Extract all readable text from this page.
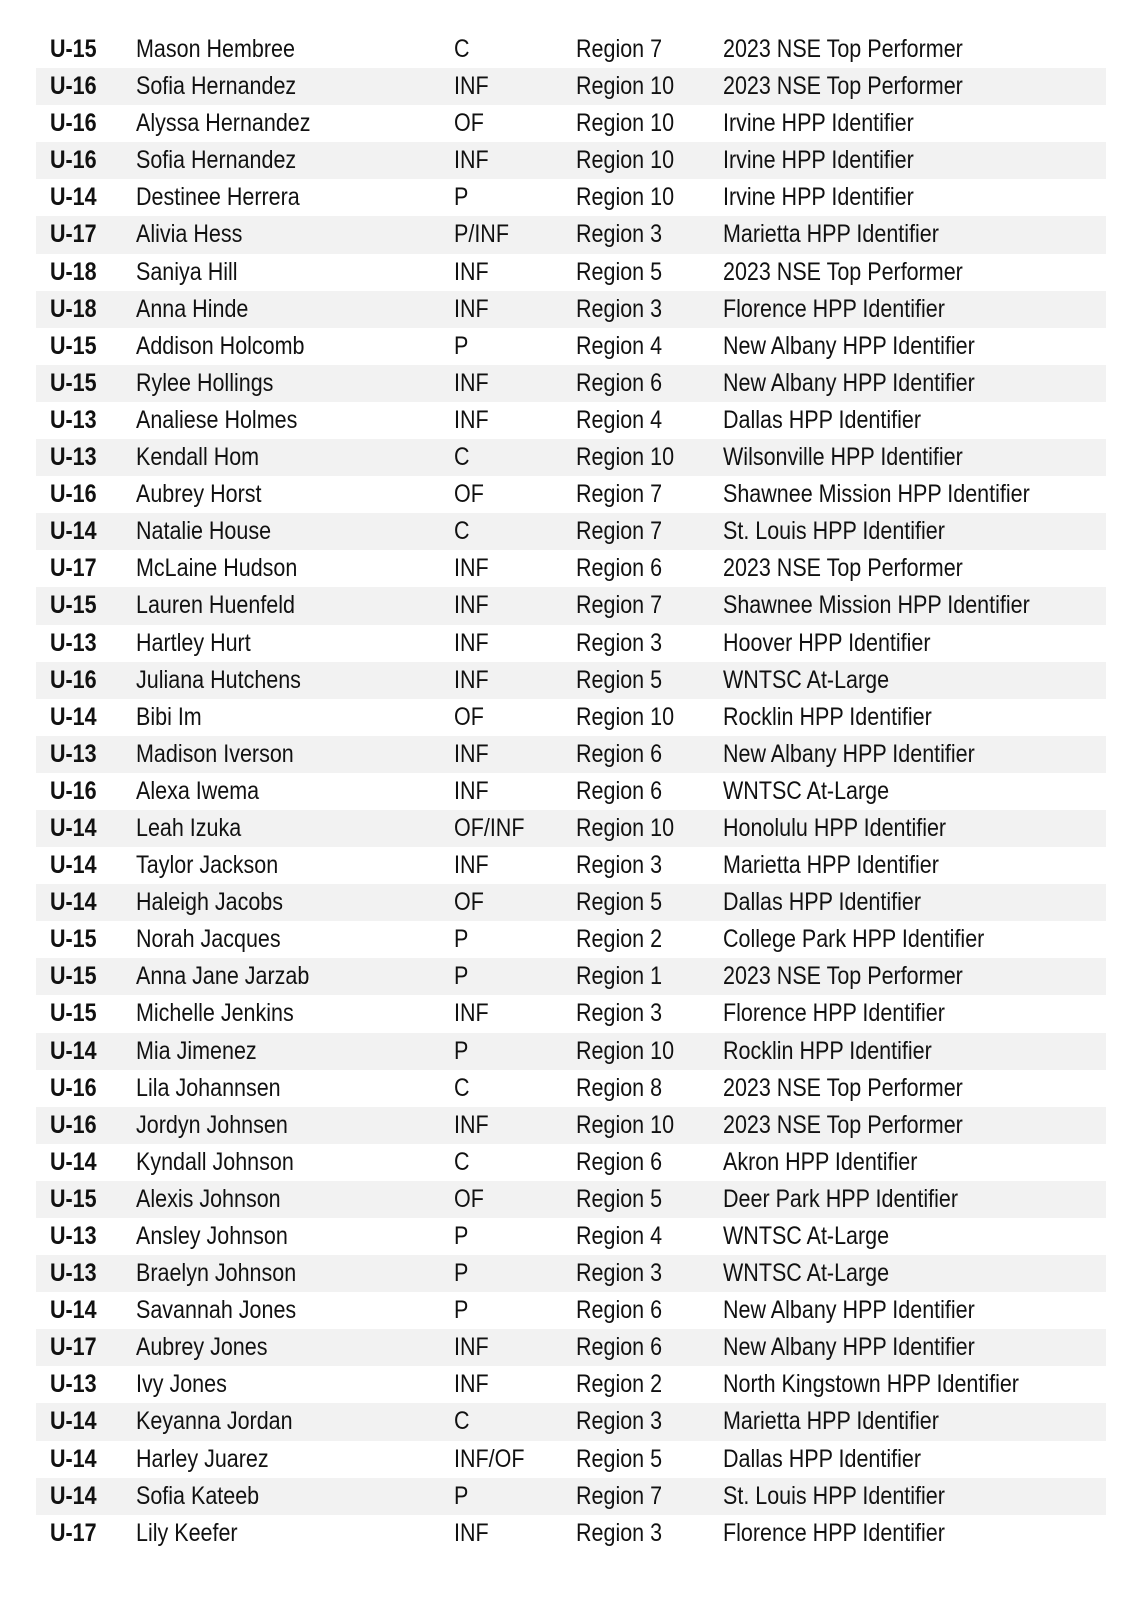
U-15 Mason Hembree	C	Region 7 2023 NSE Top Performer
U-16 Sofia Hernandez	INF	Region 10 2023 NSE Top Performer
U-16 Alyssa Hernandez	OF	Region 10 Irvine HPP Identifier
U-16 Sofia Hernandez	INF	Region 10 Irvine HPP Identifier
U-14 Destinee Herrera	P	Region 10 Irvine HPP Identifier
U-17 Alivia Hess	P/INF	Region 3 Marietta HPP Identifier
U-18 Saniya Hill	INF	Region 5 2023 NSE Top Performer
U-18 Anna Hinde	INF	Region 3 Florence HPP Identifier
U-15 Addison Holcomb	P	Region 4 New Albany HPP Identifier
U-15 Rylee Hollings	INF	Region 6 New Albany HPP Identifier
U-13 Analiese Holmes	INF	Region 4 Dallas HPP Identifier
U-13 Kendall Hom	C	Region 10 Wilsonville HPP Identifier
U-16 Aubrey Horst	OF	Region 7 Shawnee Mission HPP Identifier
U-14 Natalie House	C	Region 7 St. Louis HPP Identifier
U-17 McLaine Hudson	INF	Region 6 2023 NSE Top Performer
U-15 Lauren Huenfeld	INF	Region 7 Shawnee Mission HPP Identifier
U-13 Hartley Hurt	INF	Region 3 Hoover HPP Identifier
U-16 Juliana Hutchens	INF	Region 5 WNTSC At-Large
U-14 Bibi Im	OF	Region 10 Rocklin HPP Identifier
U-13 Madison Iverson	INF	Region 6 New Albany HPP Identifier
U-16 Alexa Iwema	INF	Region 6 WNTSC At-Large
U-14 Leah Izuka	OF/INF Region 10 Honolulu HPP Identifier
U-14 Taylor Jackson	INF	Region 3 Marietta HPP Identifier
U-14 Haleigh Jacobs	OF	Region 5 Dallas HPP Identifier
U-15 Norah Jacques	P	Region 2 College Park HPP Identifier
U-15 Anna Jane Jarzab	P	Region 1 2023 NSE Top Performer
U-15 Michelle Jenkins	INF	Region 3 Florence HPP Identifier
U-14 Mia Jimenez	P	Region 10 Rocklin HPP Identifier
U-16 Lila Johannsen	C	Region 8 2023 NSE Top Performer
U-16 Jordyn Johnsen	INF	Region 10 2023 NSE Top Performer
U-14 Kyndall Johnson	C	Region 6 Akron HPP Identifier
U-15 Alexis Johnson	OF	Region 5 Deer Park HPP Identifier
U-13 Ansley Johnson	P	Region 4 WNTSC At-Large
U-13 Braelyn Johnson	P	Region 3 WNTSC At-Large
U-14 Savannah Jones	P	Region 6 New Albany HPP Identifier
U-17 Aubrey Jones	INF	Region 6 New Albany HPP Identifier
U-13 Ivy Jones	INF	Region 2 North Kingstown HPP Identifier
U-14 Keyanna Jordan	C	Region 3 Marietta HPP Identifier
U-14 Harley Juarez	INF/OF Region 5 Dallas HPP Identifier
U-14 Sofia Kateeb	P	Region 7 St. Louis HPP Identifier
U-17 Lily Keefer	INF	Region 3 Florence HPP Identifier
